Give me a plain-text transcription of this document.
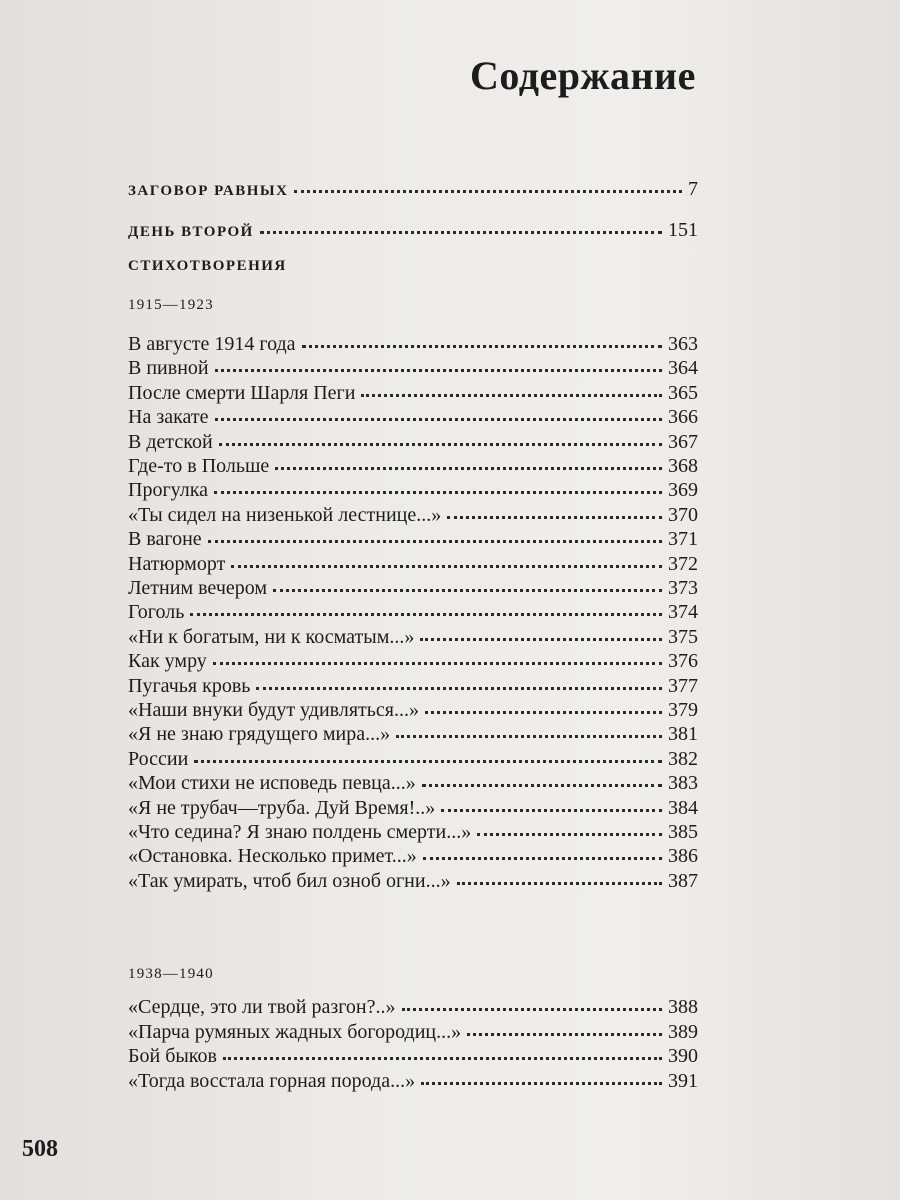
Содержание
ЗАГОВОР РАВНЫХ	7
ДЕНЬ ВТОРОЙ	151
СТИХОТВОРЕНИЯ
1915—1923
В августе 1914 года	363
В пивной	364
После смерти Шарля Пеги	365
На закате	366
В детской	367
Где-то в Польше	368
Прогулка	369
«Ты сидел на низенькой лестнице...»	370
В вагоне	371
Натюрморт	372
Летним вечером	373
Гоголь	374
«Ни к богатым, ни к косматым...»	375
Как умру	376
Пугачья кровь	377
«Наши внуки будут удивляться...»	379
«Я не знаю грядущего мира...»	381
России	382
«Мои стихи не исповедь певца...»	383
«Я не трубач—труба. Дуй Время!..»	384
«Что седина? Я знаю полдень смерти...»	385
«Остановка. Несколько примет...»	386
«Так умирать, чтоб бил озноб огни...»	387
1938—1940
«Сердце, это ли твой разгон?..»	388
«Парча румяных жадных богородиц...»	389
Бой быков	390
«Тогда восстала горная порода...»	391
508
